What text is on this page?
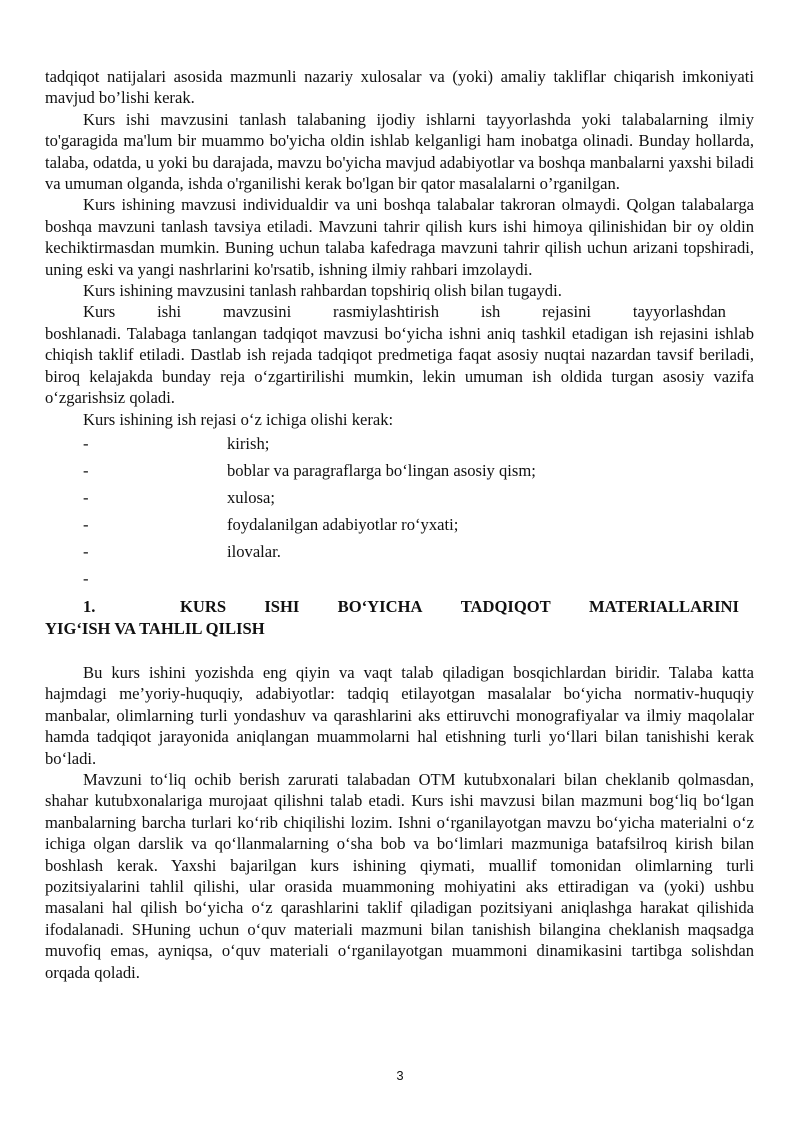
tadqiqot natijalari asosida mazmunli nazariy xulosalar va (yoki) amaliy takliflar chiqarish imkoniyati mavjud bo’lishi kerak.

Kurs ishi mavzusini tanlash talabaning ijodiy ishlarni tayyorlashda yoki talabalarning ilmiy to'garagida ma'lum bir muammo bo'yicha oldin ishlab kelganligi ham inobatga olinadi. Bunday hollarda, talaba, odatda, u yoki bu darajada, mavzu bo'yicha mavjud adabiyotlar va boshqa manbalarni yaxshi biladi va umuman olganda, ishda o'rganilishi kerak bo'lgan bir qator masalalarni o’rganilgan.

Kurs ishining mavzusi individualdir va uni boshqa talabalar takroran olmaydi. Qolgan talabalarga boshqa mavzuni tanlash tavsiya etiladi. Mavzuni tahrir qilish kurs ishi himoya qilinishidan bir oy oldin kechiktirmasdan mumkin. Buning uchun talaba kafedraga mavzuni tahrir qilish uchun arizani topshiradi, uning eski va yangi nashrlarini ko'rsatib, ishning ilmiy rahbari imzolaydi.

Kurs ishining mavzusini tanlash rahbardan topshiriq olish bilan tugaydi.

Kurs	ishi	mavzusini	rasmiylashtirish	ish	rejasini	tayyorlashdan

boshlanadi. Talabaga tanlangan tadqiqot mavzusi bo‘yicha ishni aniq tashkil etadigan ish rejasini ishlab chiqish taklif etiladi. Dastlab ish rejada tadqiqot predmetiga faqat asosiy nuqtai nazardan tavsif beriladi, biroq kelajakda bunday reja o‘zgartirilishi mumkin, lekin umuman ish oldida turgan asosiy vazifa o‘zgarishsiz qoladi.

Kurs ishining ish rejasi o‘z ichiga olishi kerak:

-	kirish;
-	boblar va paragraflarga bo‘lingan asosiy qism;
-	xulosa;
-	foydalanilgan adabiyotlar ro‘yxati;
-	ilovalar.
-
1.	KURS ISHI BO‘YICHA TADQIQOT MATERIALLARINI
YIG‘ISH VA TAHLIL QILISH

Bu kurs ishini yozishda eng qiyin va vaqt talab qiladigan bosqichlardan biridir. Talaba katta hajmdagi me’yoriy-huquqiy, adabiyotlar: tadqiq etilayotgan masalalar bo‘yicha normativ-huquqiy manbalar, olimlarning turli yondashuv va qarashlarini aks ettiruvchi monografiyalar va ilmiy maqolalar hamda tadqiqot jarayonida aniqlangan muammolarni hal etishning turli yo‘llari bilan tanishishi kerak bo‘ladi.

Mavzuni to‘liq ochib berish zarurati talabadan OTM kutubxonalari bilan cheklanib qolmasdan, shahar kutubxonalariga murojaat qilishni talab etadi. Kurs ishi mavzusi bilan mazmuni bog‘liq bo‘lgan manbalarning barcha turlari ko‘rib chiqilishi lozim. Ishni o‘rganilayotgan mavzu bo‘yicha materialni o‘z ichiga olgan darslik va qo‘llanmalarning o‘sha bob va bo‘limlari mazmuniga batafsilroq kirish bilan boshlash kerak. Yaxshi bajarilgan kurs ishining qiymati, muallif tomonidan olimlarning turli pozitsiyalarini tahlil qilishi, ular orasida muammoning mohiyatini aks ettiradigan va (yoki) ushbu masalani hal qilish bo‘yicha o‘z qarashlarini taklif qiladigan pozitsiyani aniqlashga harakat qilishida ifodalanadi. SHuning uchun o‘quv materiali mazmuni bilan tanishish bilangina cheklanish maqsadga muvofiq emas, ayniqsa, o‘quv materiali o‘rganilayotgan muammoni dinamikasini tartibga solishdan orqada qoladi.

3
